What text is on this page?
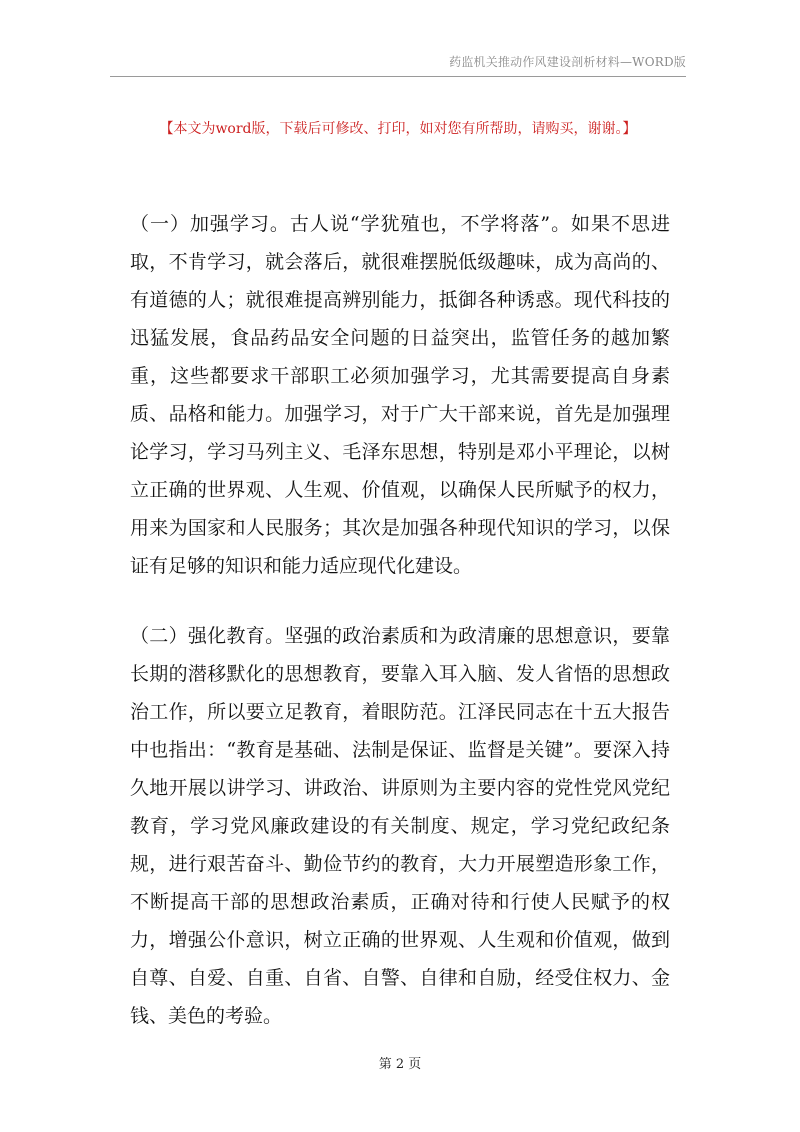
药监机关推动作风建设剖析材料—WORD版
【本文为word版，下载后可修改、打印，如对您有所帮助，请购买，谢谢。】

（一）加强学习。古人说“学犹殖也，不学将落”。如果不思进取，不肯学习，就会落后，就很难摆脱低级趣味，成为高尚的、有道德的人；就很难提高辨别能力，抵御各种诱惑。现代科技的迅猛发展，食品药品安全问题的日益突出，监管任务的越加繁重，这些都要求干部职工必须加强学习，尤其需要提高自身素质、品格和能力。加强学习，对于广大干部来说，首先是加强理论学习，学习马列主义、毛泽东思想，特别是邓小平理论，以树立正确的世界观、人生观、价值观，以确保人民所赋予的权力，用来为国家和人民服务；其次是加强各种现代知识的学习，以保证有足够的知识和能力适应现代化建设。

（二）强化教育。坚强的政治素质和为政清廉的思想意识，要靠长期的潜移默化的思想教育，要靠入耳入脑、发人省悟的思想政治工作，所以要立足教育，着眼防范。江泽民同志在十五大报告中也指出：“教育是基础、法制是保证、监督是关键”。要深入持久地开展以讲学习、讲政治、讲原则为主要内容的党性党风党纪教育，学习党风廉政建设的有关制度、规定，学习党纪政纪条规，进行艰苦奋斗、勤俭节约的教育，大力开展塑造形象工作，不断提高干部的思想政治素质，正确对待和行使人民赋予的权力，增强公仆意识，树立正确的世界观、人生观和价值观，做到自尊、自爱、自重、自省、自警、自律和自励，经受住权力、金钱、美色的考验。

第 2 页
